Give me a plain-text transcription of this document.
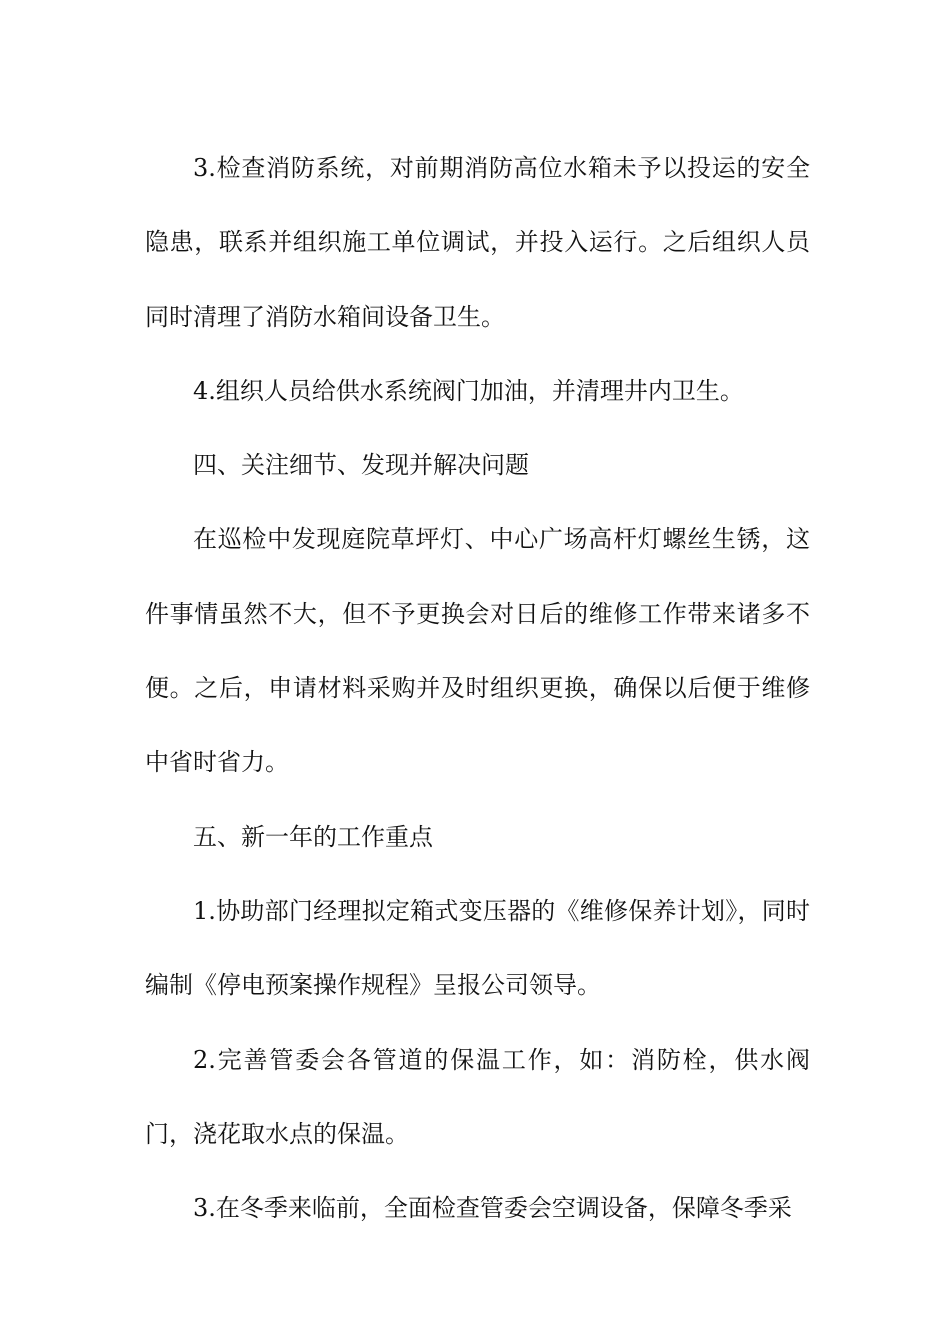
3.检查消防系统，对前期消防高位水箱未予以投运的安全隐患，联系并组织施工单位调试，并投入运行。之后组织人员同时清理了消防水箱间设备卫生。

4.组织人员给供水系统阀门加油，并清理井内卫生。

四、关注细节、发现并解决问题

在巡检中发现庭院草坪灯、中心广场高杆灯螺丝生锈，这件事情虽然不大，但不予更换会对日后的维修工作带来诸多不便。之后，申请材料采购并及时组织更换，确保以后便于维修中省时省力。

五、新一年的工作重点

1.协助部门经理拟定箱式变压器的《维修保养计划》，同时编制《停电预案操作规程》呈报公司领导。

2.完善管委会各管道的保温工作，如：消防栓，供水阀门，浇花取水点的保温。

3.在冬季来临前，全面检查管委会空调设备，保障冬季采
